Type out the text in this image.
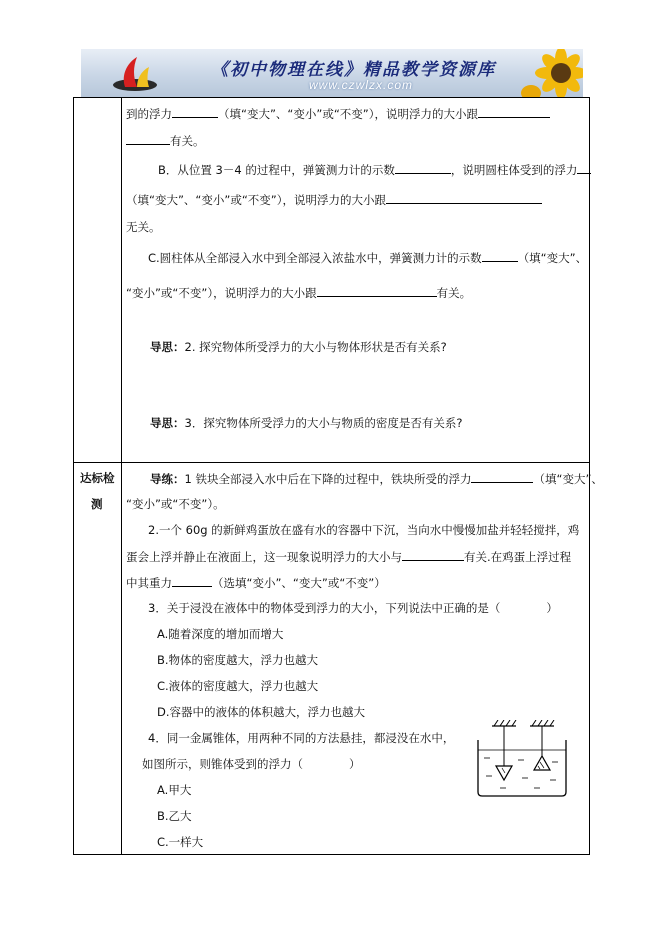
《初中物理在线》精品教学资源库
www.czwlzx.com
到的浮力	（填“变大”、“变小”或“不变”），说明浮力的大小跟
有关。
B．从位置 3－4 的过程中，弹簧测力计的示数	，说明圆柱体受到的浮力
（填“变大”、“变小”或“不变”），说明浮力的大小跟
无关。
C.圆柱体从全部浸入水中到全部浸入浓盐水中，弹簧测力计的示数	（填“变大”、
“变小”或“不变”），说明浮力的大小跟	有关。
导思：2. 探究物体所受浮力的大小与物体形状是否有关系?
导思：3．探究物体所受浮力的大小与物质的密度是否有关系?
达标检
测
导练：1 铁块全部浸入水中后在下降的过程中，铁块所受的浮力	（填“变大”、
“变小”或“不变”）。
2.一个 60g 的新鲜鸡蛋放在盛有水的容器中下沉，当向水中慢慢加盐并轻轻搅拌，鸡
蛋会上浮并静止在液面上，这一现象说明浮力的大小与	有关.在鸡蛋上浮过程
中其重力	（选填“变小”、“变大”或“不变”）
3．关于浸没在液体中的物体受到浮力的大小，下列说法中正确的是（　　　　）
A.随着深度的增加而增大
B.物体的密度越大，浮力也越大
C.液体的密度越大，浮力也越大
D.容器中的液体的体积越大，浮力也越大
4．同一金属锥体，用两种不同的方法悬挂，都浸没在水中，
如图所示，则锥体受到的浮力（　　　　）
A.甲大
B.乙大
C.一样大
